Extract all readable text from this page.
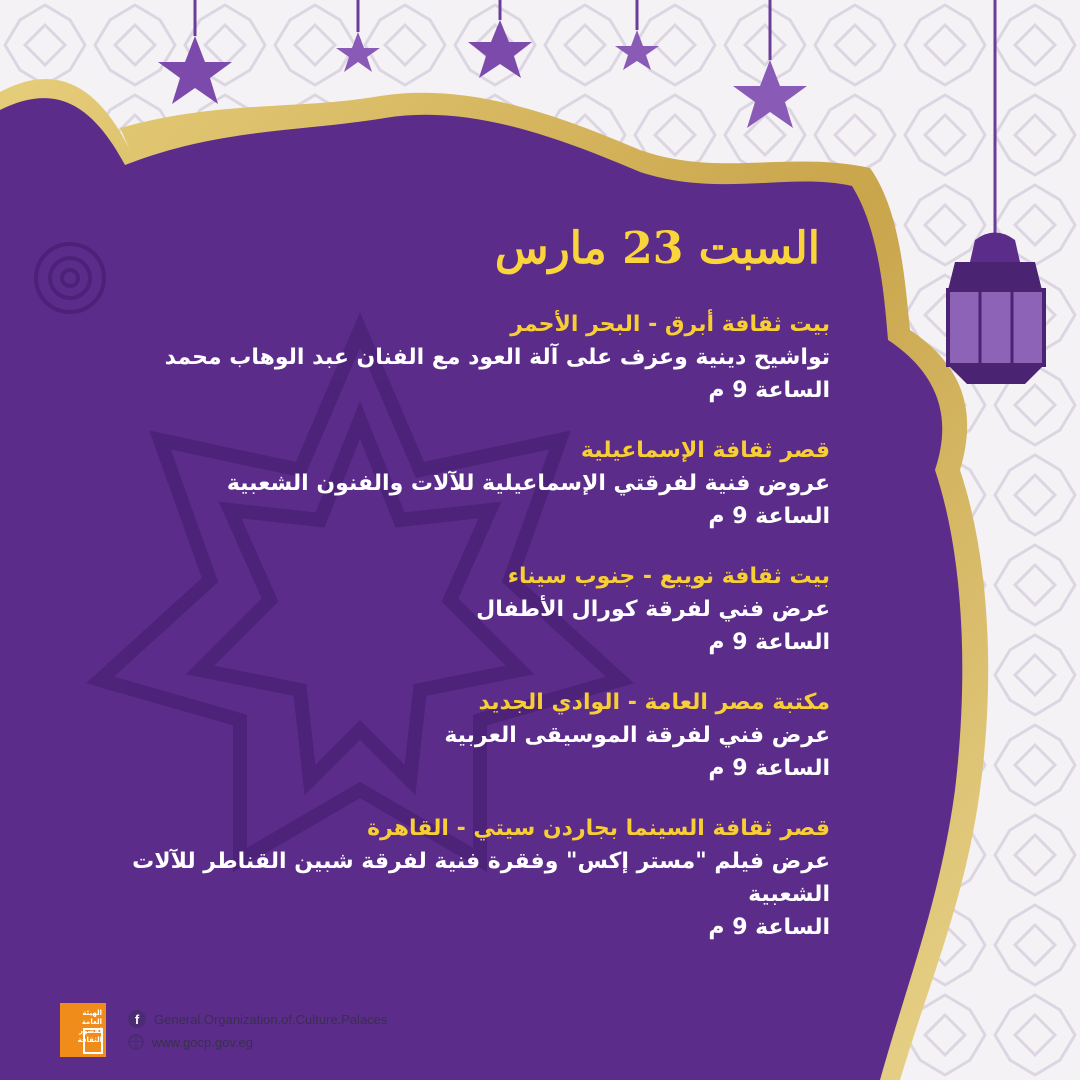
السبت 23 مارس

بيت ثقافة أبرق - البحر الأحمر

تواشيح دينية وعزف على آلة العود مع الفنان عبد الوهاب محمد

الساعة 9 م

قصر ثقافة الإسماعيلية

عروض فنية لفرقتي الإسماعيلية للآلات والفنون الشعبية

الساعة 9 م

بيت ثقافة نويبع - جنوب سيناء

عرض فني لفرقة كورال الأطفال

الساعة 9 م

مكتبة مصر العامة - الوادي الجديد

عرض فني لفرقة الموسيقى العربية

الساعة 9 م

قصر ثقافة السينما بجاردن سيتي - القاهرة

عرض فيلم "مستر إكس" وفقرة فنية لفرقة شبين القناطر للآلات الشعبية

الساعة 9 م

الهيئة العامة لقصور الثقافة
f	General.Organization.of.Culture.Palaces
www.gocp.gov.eg
